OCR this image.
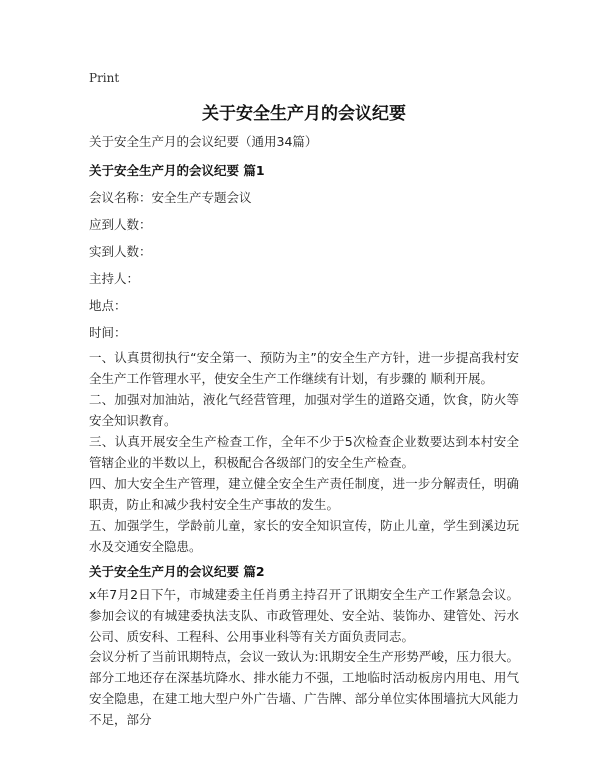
Print
关于安全生产月的会议纪要
关于安全生产月的会议纪要（通用34篇）
关于安全生产月的会议纪要 篇1
会议名称：安全生产专题会议
应到人数：
实到人数：
主持人：
地点：
时间：
一、认真贯彻执行“安全第一、预防为主”的安全生产方针，进一步提高我村安全生产工作管理水平，使安全生产工作继续有计划，有步骤的 顺利开展。
二、加强对加油站，液化气经营管理，加强对学生的道路交通，饮食，防火等安全知识教育。
三、认真开展安全生产检查工作，全年不少于5次检查企业数要达到本村安全管辖企业的半数以上，积极配合各级部门的安全生产检查。
四、加大安全生产管理，建立健全安全生产责任制度，进一步分解责任，明确职责，防止和减少我村安全生产事故的发生。
五、加强学生，学龄前儿童，家长的安全知识宣传，防止儿童，学生到溪边玩水及交通安全隐患。
关于安全生产月的会议纪要 篇2
x年7月2日下午，市城建委主任肖勇主持召开了讯期安全生产工作紧急会议。参加会议的有城建委执法支队、市政管理处、安全站、装饰办、建管处、污水公司、质安科、工程科、公用事业科等有关方面负责同志。
会议分析了当前讯期特点，会议一致认为:讯期安全生产形势严峻，压力很大。部分工地还存在深基坑降水、排水能力不强，工地临时活动板房内用电、用气安全隐患，在建工地大型户外广告墙、广告牌、部分单位实体围墙抗大风能力不足，部分
